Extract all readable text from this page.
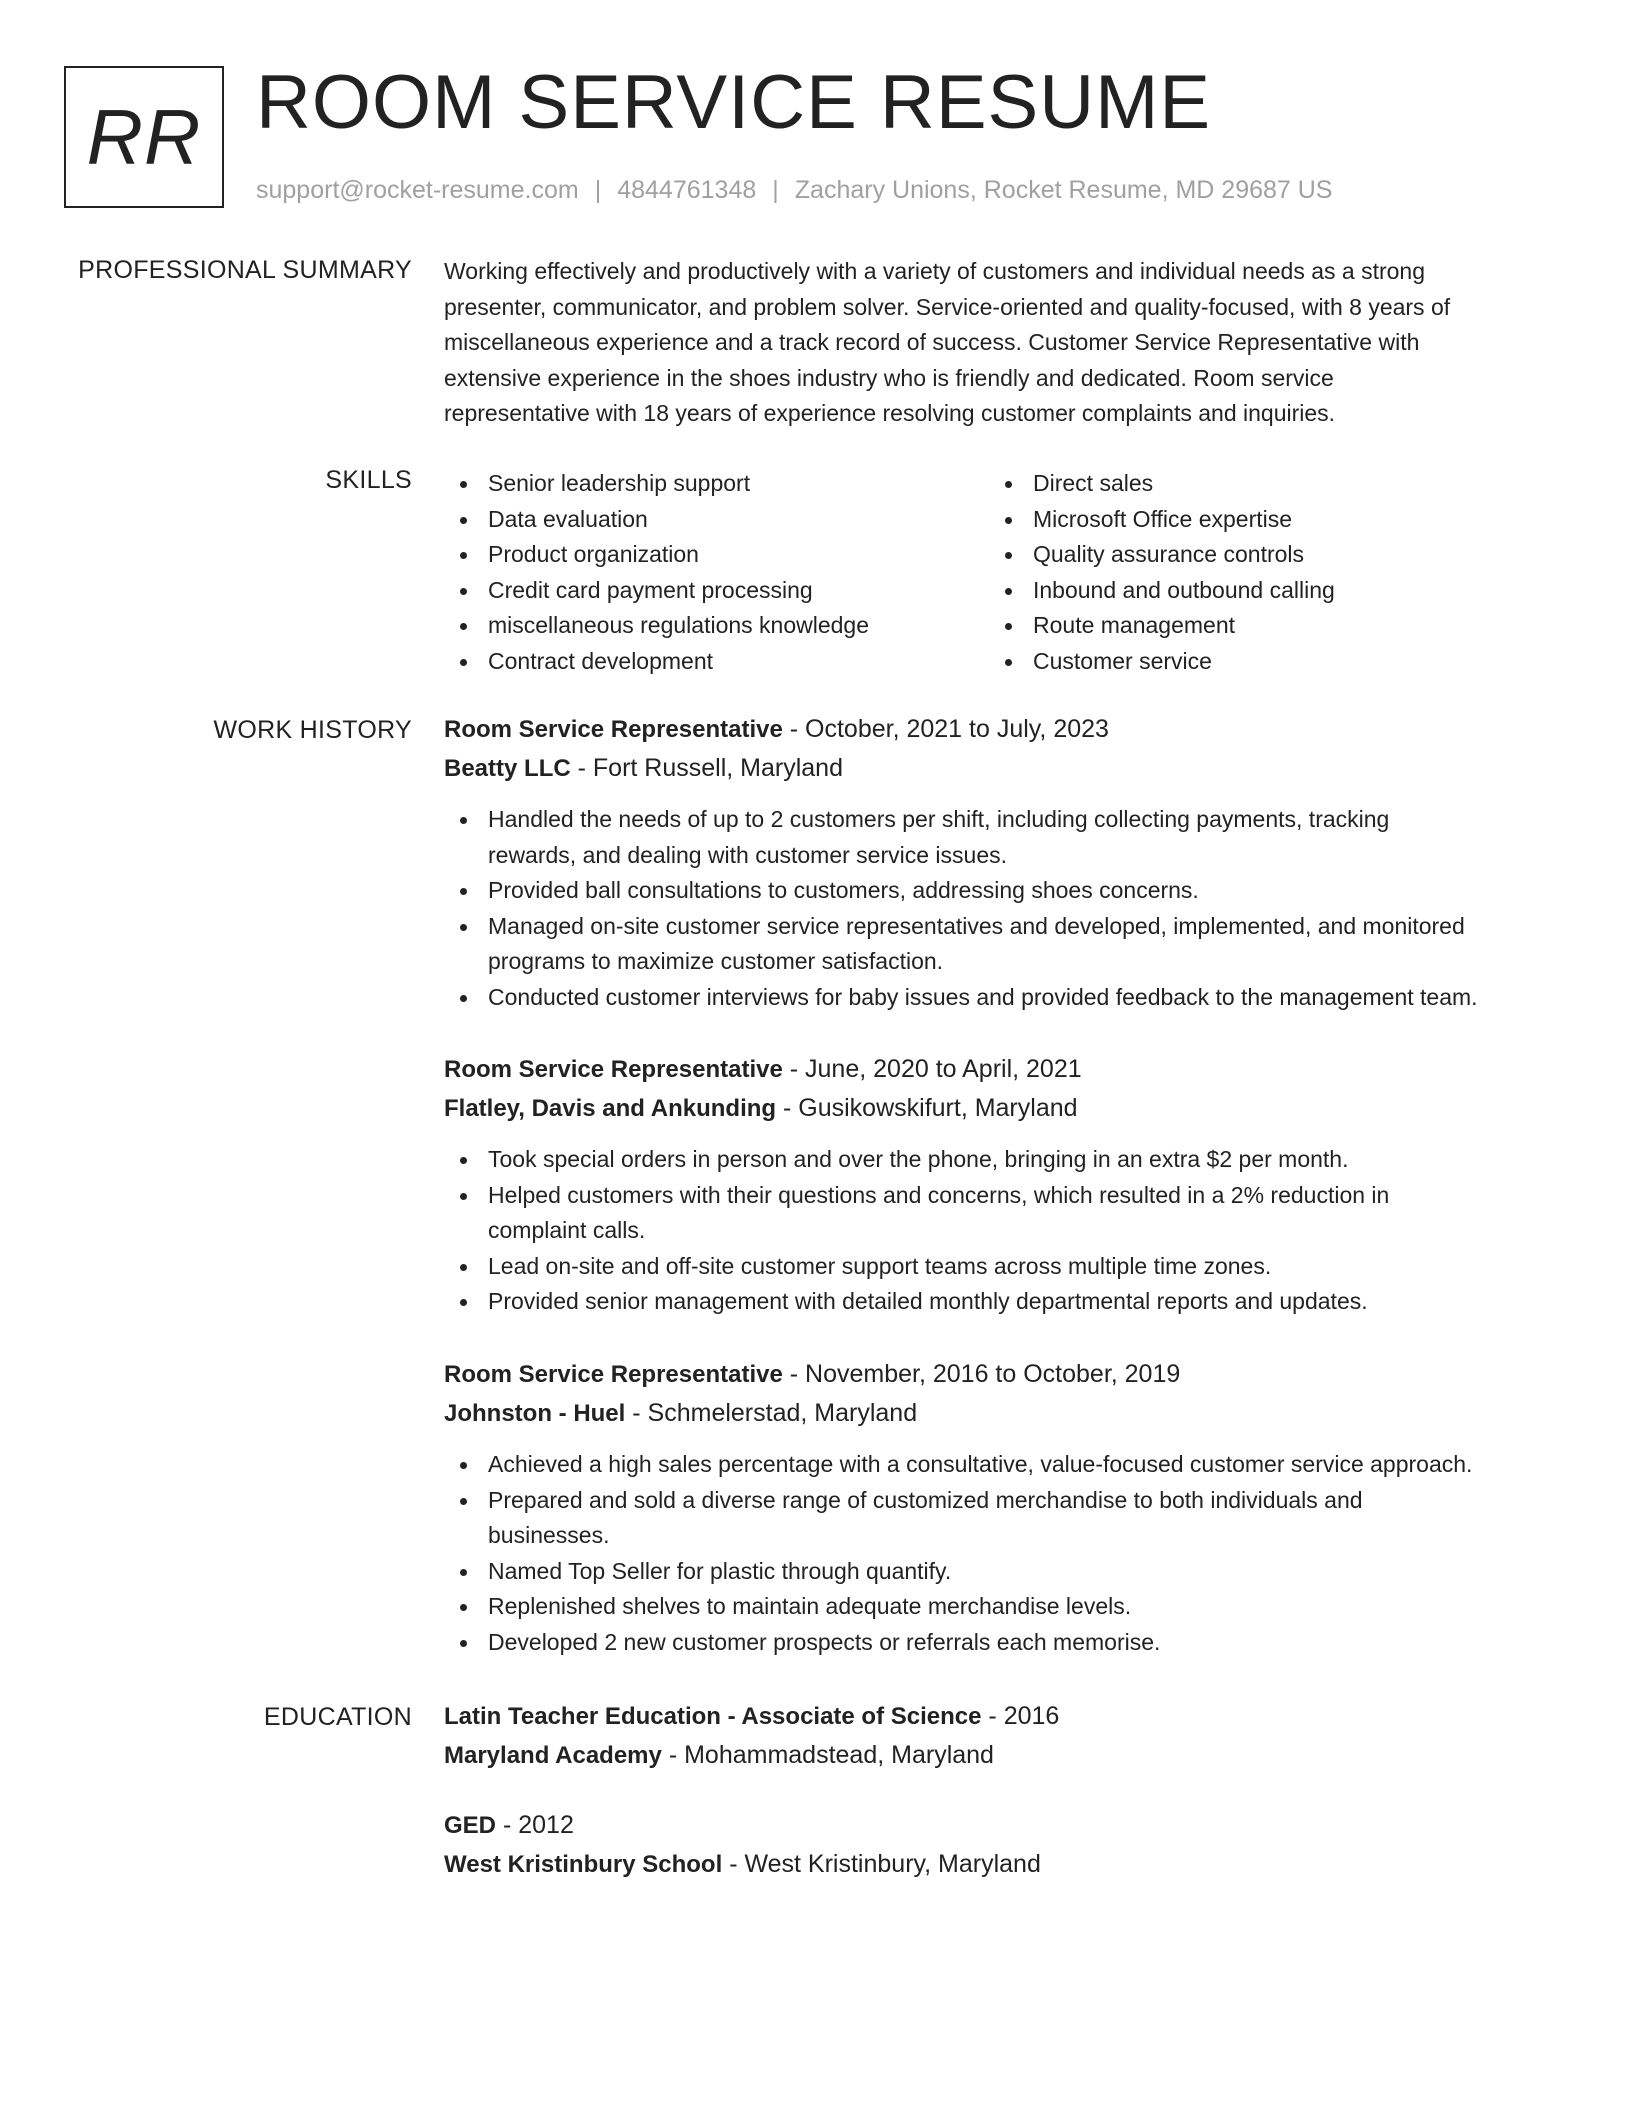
RR ROOM SERVICE RESUME
support@rocket-resume.com | 4844761348 | Zachary Unions, Rocket Resume, MD 29687 US
PROFESSIONAL SUMMARY Working effectively and productively with a variety of customers and individual needs as a strong
presenter, communicator, and problem solver. Service-oriented and quality-focused, with 8 years of
miscellaneous experience and a track record of success. Customer Service Representative with
extensive experience in the shoes industry who is friendly and dedicated. Room service
representative with 18 years of experience resolving customer complaints and inquiries.
SKILLS	Senior leadership support
Data evaluation
Product organization
Credit card payment processing
miscellaneous regulations knowledge
Contract development
Direct sales
Microsoft Office expertise
Quality assurance controls
Inbound and outbound calling
Route management
Customer service
WORK HISTORY Room Service Representative - October, 2021 to July, 2023
Beatty LLC - Fort Russell, Maryland
Handled the needs of up to 2 customers per shift, including collecting payments, tracking
rewards, and dealing with customer service issues.
Provided ball consultations to customers, addressing shoes concerns.
Managed on-site customer service representatives and developed, implemented, and monitored
programs to maximize customer satisfaction.
Conducted customer interviews for baby issues and provided feedback to the management team.
Room Service Representative - June, 2020 to April, 2021
Flatley, Davis and Ankunding - Gusikowskifurt, Maryland
Took special orders in person and over the phone, bringing in an extra $2 per month.
Helped customers with their questions and concerns, which resulted in a 2% reduction in
complaint calls.
Lead on-site and off-site customer support teams across multiple time zones.
Provided senior management with detailed monthly departmental reports and updates.
Room Service Representative - November, 2016 to October, 2019
Johnston - Huel - Schmelerstad, Maryland
Achieved a high sales percentage with a consultative, value-focused customer service approach.
Prepared and sold a diverse range of customized merchandise to both individuals and
businesses.
Named Top Seller for plastic through quantify.
Replenished shelves to maintain adequate merchandise levels.
Developed 2 new customer prospects or referrals each memorise.
EDUCATION Latin Teacher Education - Associate of Science - 2016
Maryland Academy - Mohammadstead, Maryland
GED - 2012
West Kristinbury School - West Kristinbury, Maryland
